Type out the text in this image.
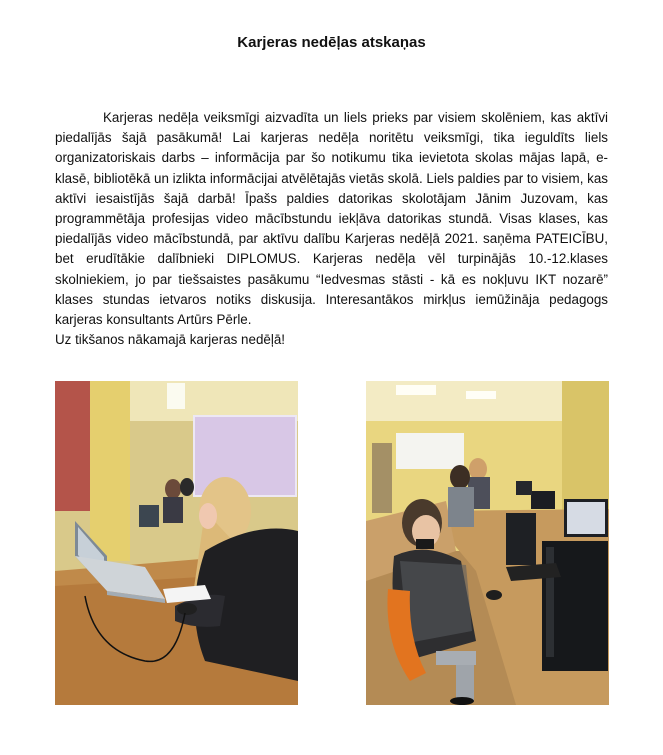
Karjeras nedēļas atskaņas

Karjeras nedēļa veiksmīgi aizvadīta un liels prieks par visiem skolēniem, kas aktīvi piedalījās šajā pasākumā! Lai karjeras nedēļa noritētu veiksmīgi, tika ieguldīts liels organizatoriskais darbs – informācija par šo notikumu tika ievietota skolas mājas lapā, e-klasē, bibliotēkā un izlikta informācijai atvēlētajās vietās skolā. Liels paldies par to visiem, kas aktīvi iesaistījās šajā darbā! Īpašs paldies datorikas skolotājam Jānim Juzovam, kas programmētāja profesijas video mācībstundu iekļāva datorikas stundā. Visas klases, kas piedalījās video mācībstundā, par aktīvu dalību Karjeras nedēļā 2021. saņēma PATEICĪBU, bet erudītākie dalībnieki DIPLOMUS. Karjeras nedēļa vēl turpinājās 10.-12.klases skolniekiem, jo par tiešsaistes pasākumu “Iedvesmas stāsti - kā es nokļuvu IKT nozarē” klases stundas ietvaros notiks diskusija. Interesantākos mirkļus iemūžināja pedagogs karjeras konsultants Artūrs Pērle.

Uz tikšanos nākamajā karjeras nedēļā!
